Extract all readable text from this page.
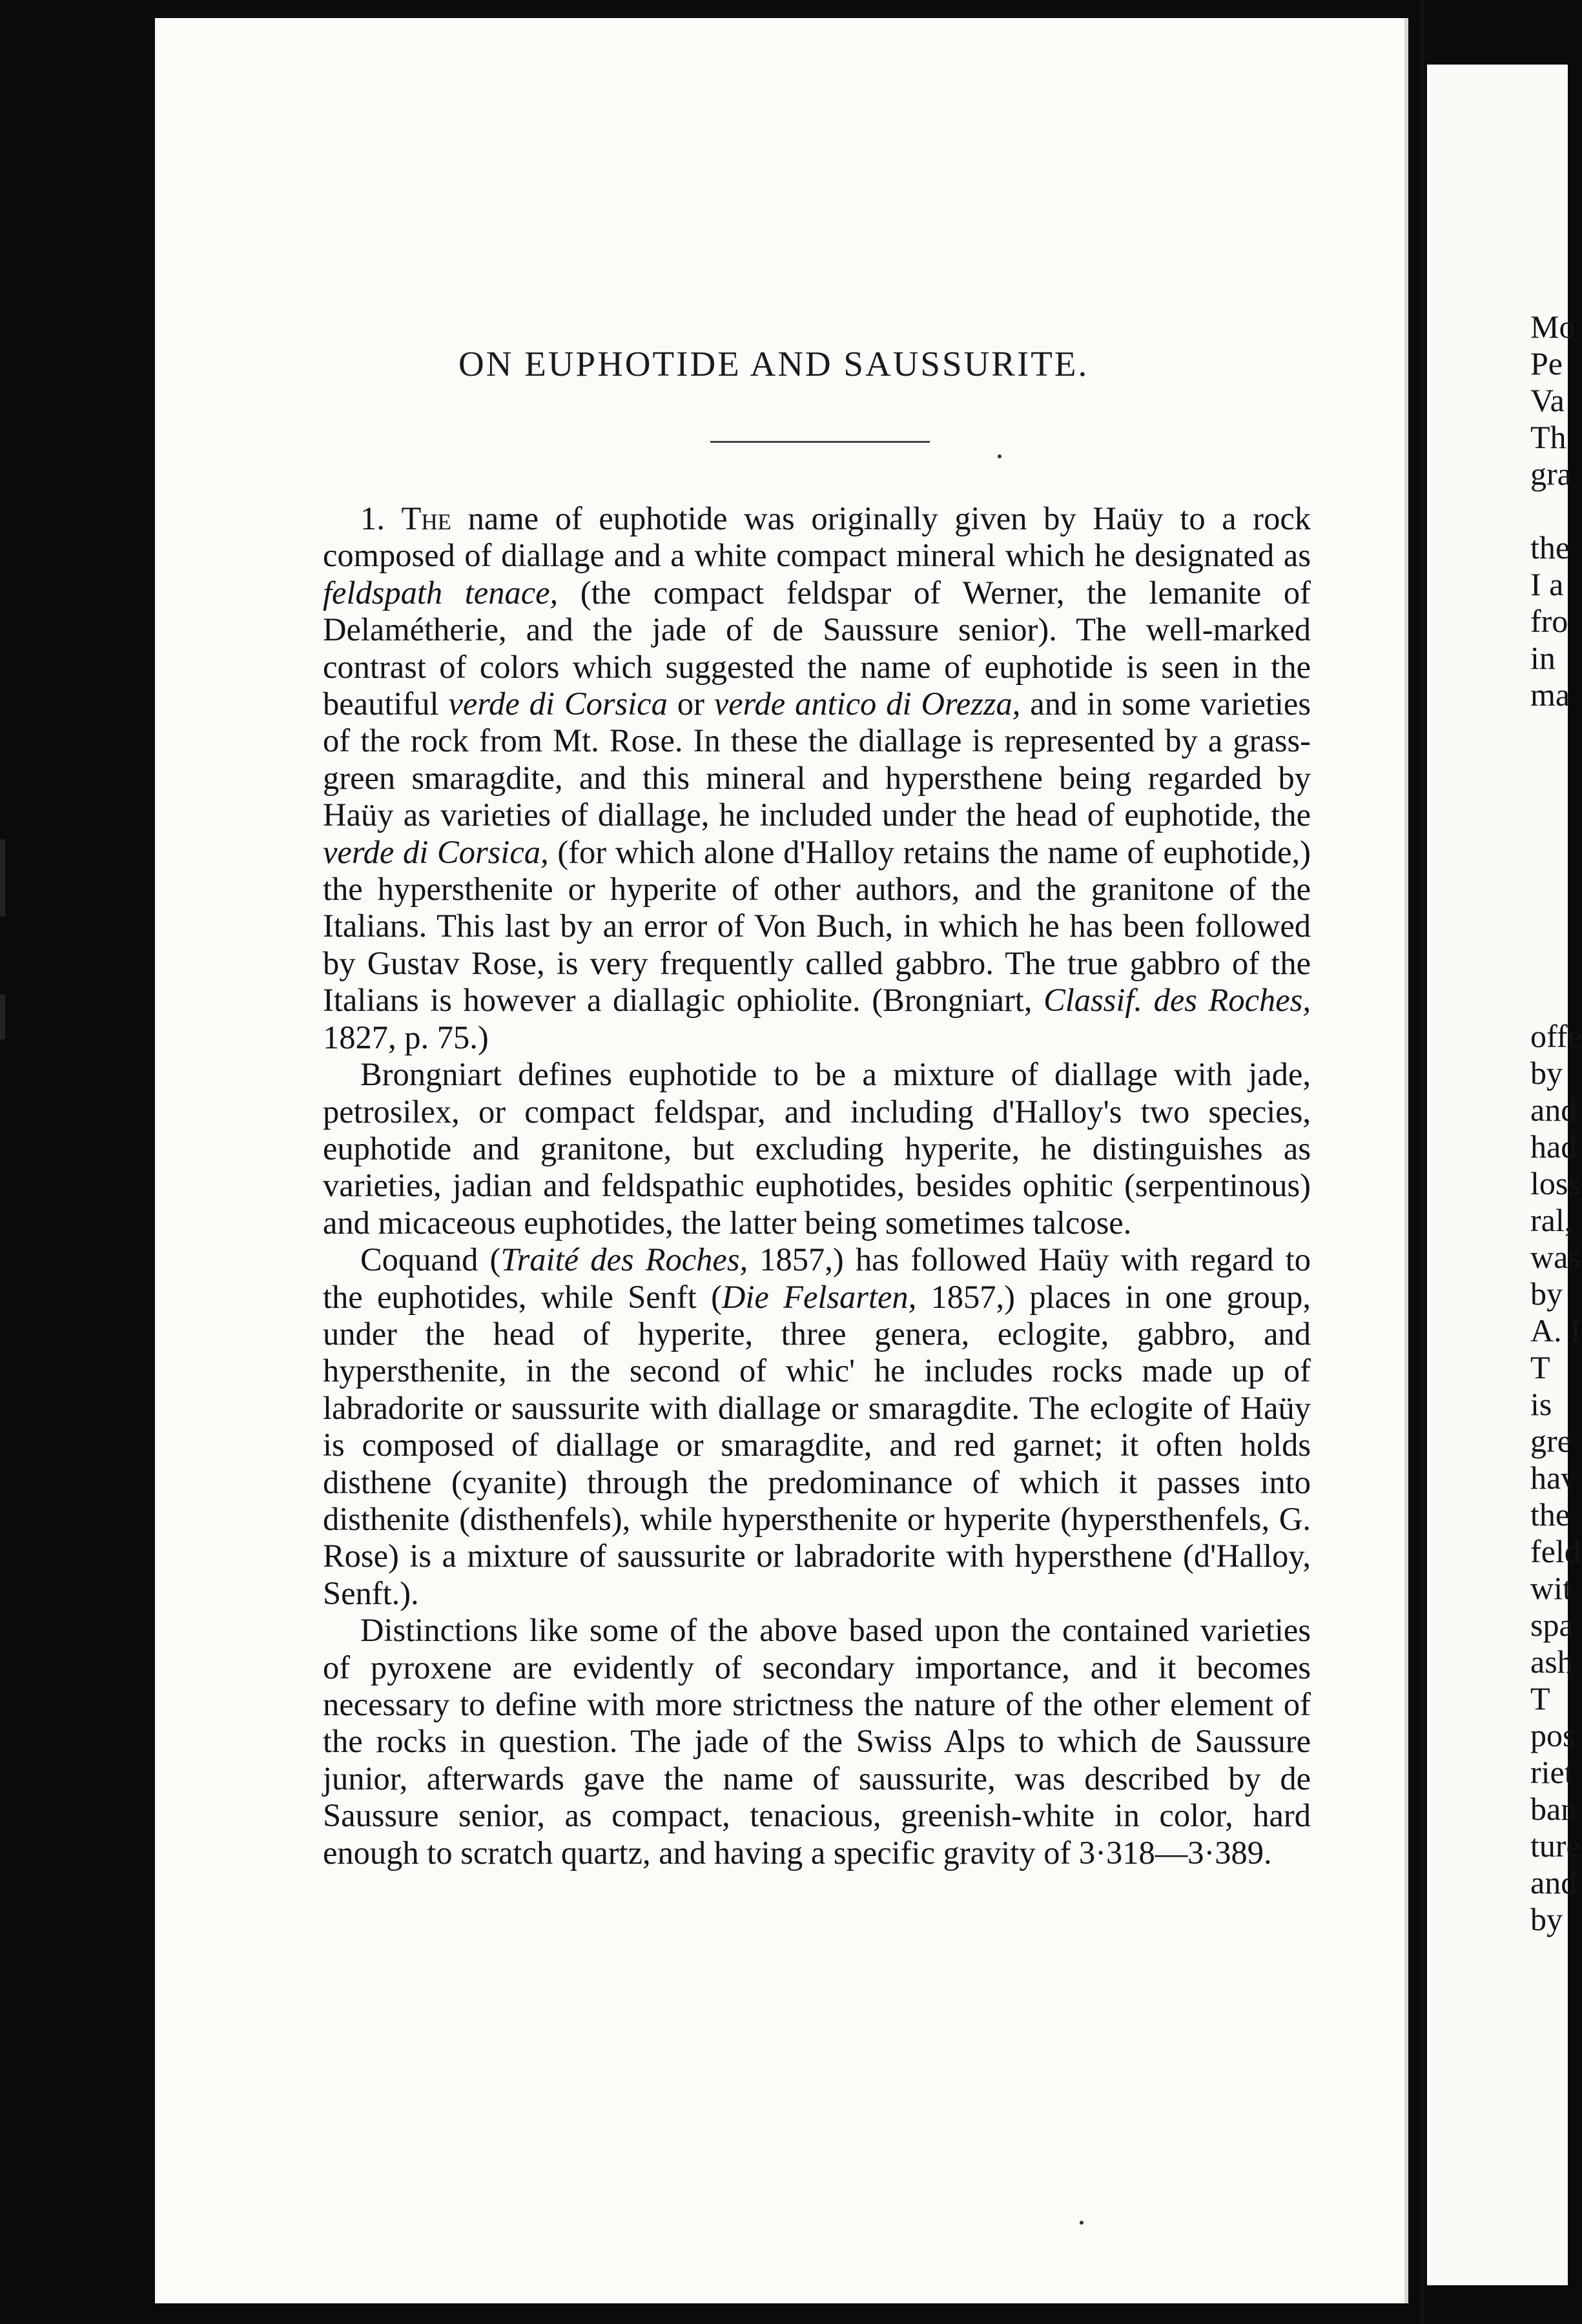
ON EUPHOTIDE AND SAUSSURITE.

1. The name of euphotide was originally given by Haüy to a rock composed of diallage and a white compact mineral which he designated as feldspath tenace, (the compact feldspar of Werner, the lemanite of Delamétherie, and the jade of de Saussure senior). The well-marked contrast of colors which suggested the name of euphotide is seen in the beautiful verde di Corsica or verde antico di Orezza, and in some varieties of the rock from Mt. Rose. In these the diallage is represented by a grass-green smaragdite, and this mineral and hypersthene being regarded by Haüy as varieties of diallage, he included under the head of euphotide, the verde di Corsica, (for which alone d'Halloy retains the name of euphotide,) the hypersthenite or hyperite of other authors, and the granitone of the Italians. This last by an error of Von Buch, in which he has been followed by Gustav Rose, is very frequently called gabbro. The true gabbro of the Italians is however a diallagic ophiolite. (Brongniart, Classif. des Roches, 1827, p. 75.)

Brongniart defines euphotide to be a mixture of diallage with jade, petrosilex, or compact feldspar, and including d'Halloy's two species, euphotide and granitone, but excluding hyperite, he distinguishes as varieties, jadian and feldspathic euphotides, besides ophitic (serpentinous) and micaceous euphotides, the latter being sometimes talcose.

Coquand (Traité des Roches, 1857,) has followed Haüy with regard to the euphotides, while Senft (Die Felsarten, 1857,) places in one group, under the head of hyperite, three genera, eclogite, gabbro, and hypersthenite, in the second of whic' he includes rocks made up of labradorite or saussurite with diallage or smaragdite. The eclogite of Haüy is composed of diallage or smaragdite, and red garnet; it often holds disthene (cyanite) through the predominance of which it passes into disthenite (disthenfels), while hypersthenite or hyperite (hypersthenfels, G. Rose) is a mixture of saussurite or labradorite with hypersthene (d'Halloy, Senft.).

Distinctions like some of the above based upon the contained varieties of pyroxene are evidently of secondary importance, and it becomes necessary to define with more strictness the nature of the other element of the rocks in question. The jade of the Swiss Alps to which de Saussure junior, afterwards gave the name of saussurite, was described by de Saussure senior, as compact, tenacious, greenish-white in color, hard enough to scratch quartz, and having a specific gravity of 3·318—3·389.

Mo
Pe
Va
Th
gra
the
I a
fro
in
ma
offe
by
and
had
loss
ral,
was
by
A. I
T
is
gre
hav
the
feld
wit
spa
ash
T
pos
riet
ban
ture
and
by
